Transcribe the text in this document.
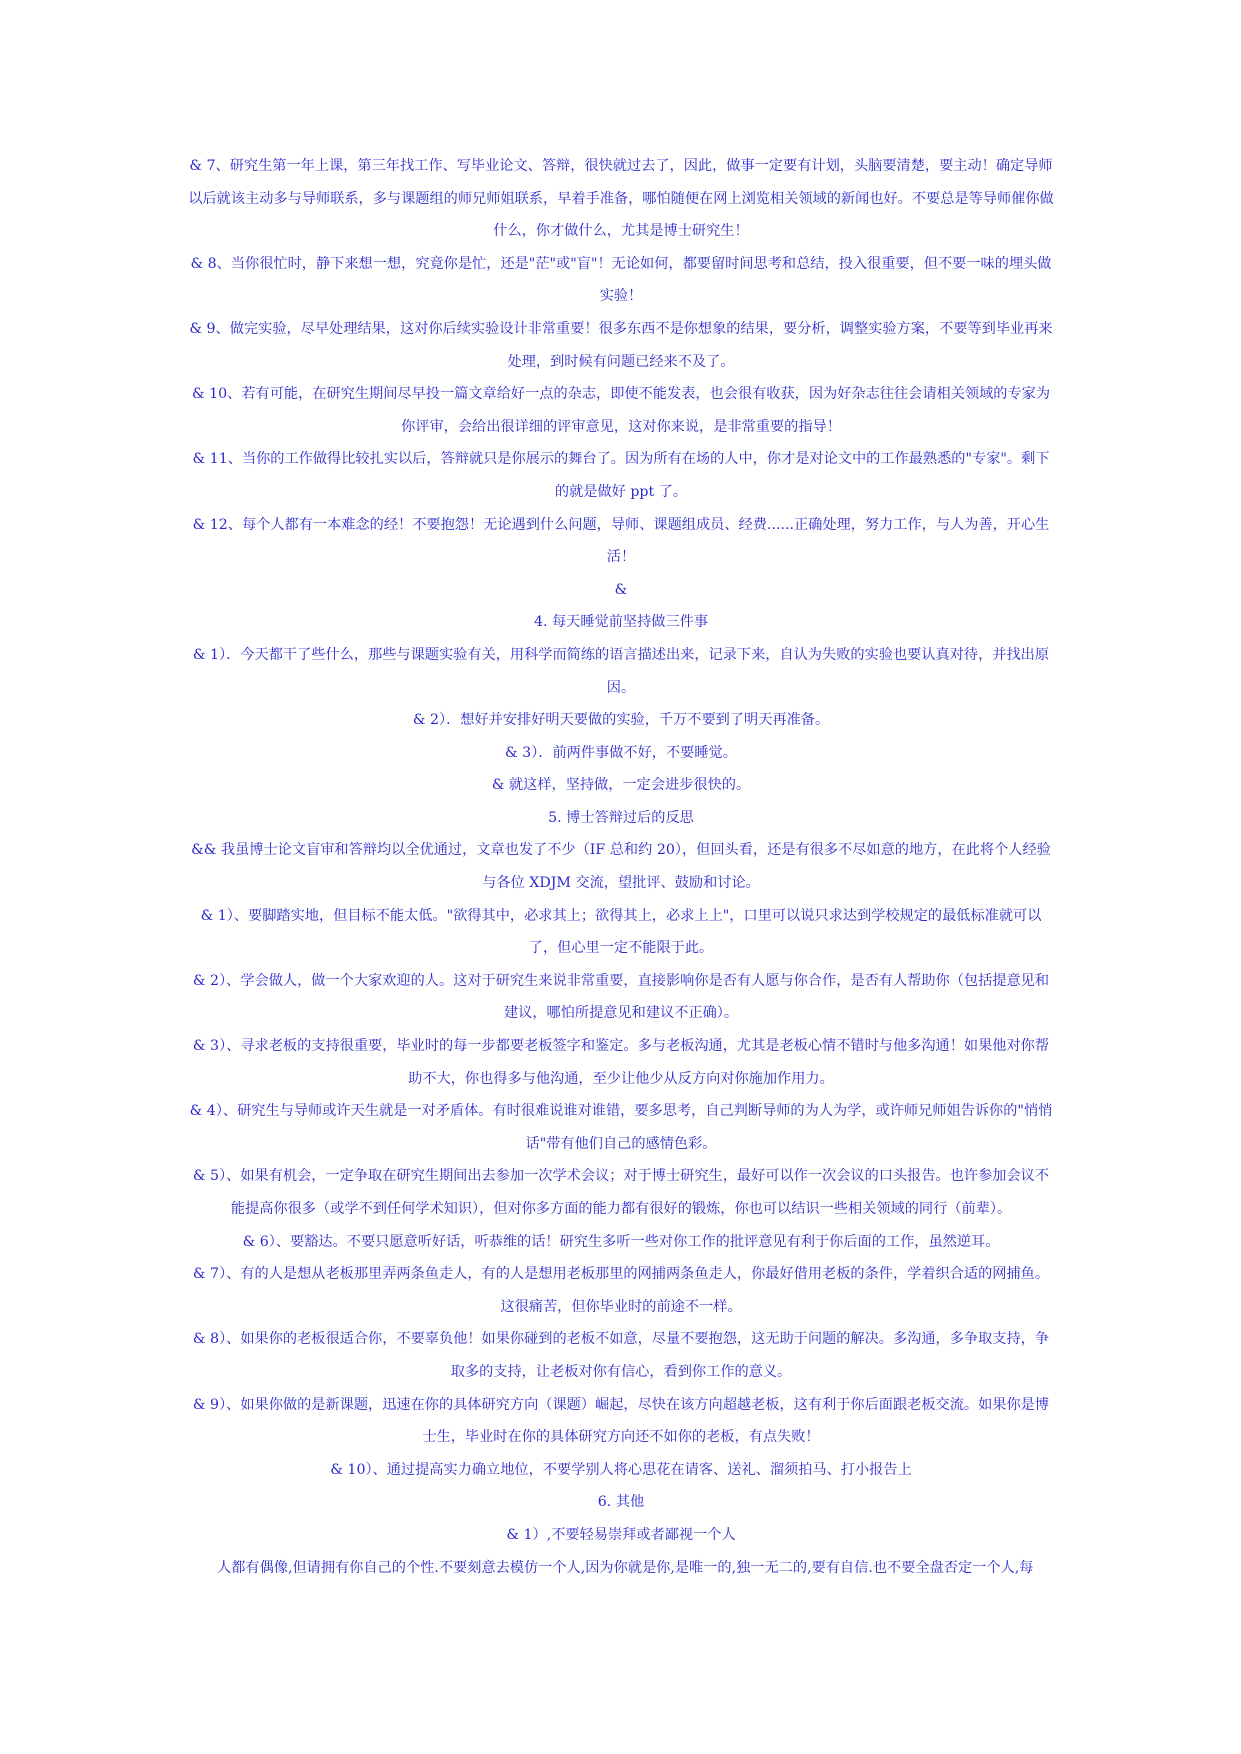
& 7、研究生第一年上课，第三年找工作、写毕业论文、答辩，很快就过去了，因此，做事一定要有计划，头脑要清楚，要主动！确定导师以后就该主动多与导师联系，多与课题组的师兄师姐联系，早着手准备，哪怕随便在网上浏览相关领域的新闻也好。不要总是等导师催你做什么，你才做什么，尤其是博士研究生！

& 8、当你很忙时，静下来想一想，究竟你是忙，还是"茫"或"盲"！无论如何，都要留时间思考和总结，投入很重要，但不要一味的埋头做实验！

& 9、做完实验，尽早处理结果，这对你后续实验设计非常重要！很多东西不是你想象的结果，要分析，调整实验方案，不要等到毕业再来处理，到时候有问题已经来不及了。

& 10、若有可能，在研究生期间尽早投一篇文章给好一点的杂志，即使不能发表，也会很有收获，因为好杂志往往会请相关领域的专家为你评审，会给出很详细的评审意见，这对你来说，是非常重要的指导！

& 11、当你的工作做得比较扎实以后，答辩就只是你展示的舞台了。因为所有在场的人中，你才是对论文中的工作最熟悉的"专家"。剩下的就是做好 ppt 了。

& 12、每个人都有一本难念的经！不要抱怨！无论遇到什么问题，导师、课题组成员、经费......正确处理，努力工作，与人为善，开心生活！

&

4. 每天睡觉前坚持做三件事

& 1）．今天都干了些什么，那些与课题实验有关，用科学而简练的语言描述出来，记录下来，自认为失败的实验也要认真对待，并找出原因。

& 2）．想好并安排好明天要做的实验，千万不要到了明天再准备。

& 3）．前两件事做不好，不要睡觉。

& 就这样，坚持做，一定会进步很快的。

5. 博士答辩过后的反思

&& 我虽博士论文盲审和答辩均以全优通过，文章也发了不少（IF 总和约 20），但回头看，还是有很多不尽如意的地方，在此将个人经验与各位 XDJM 交流，望批评、鼓励和讨论。

& 1）、要脚踏实地，但目标不能太低。"欲得其中，必求其上；欲得其上，必求上上"，口里可以说只求达到学校规定的最低标准就可以了，但心里一定不能限于此。

& 2）、学会做人，做一个大家欢迎的人。这对于研究生来说非常重要，直接影响你是否有人愿与你合作，是否有人帮助你（包括提意见和建议，哪怕所提意见和建议不正确）。

& 3）、寻求老板的支持很重要，毕业时的每一步都要老板签字和鉴定。多与老板沟通，尤其是老板心情不错时与他多沟通！如果他对你帮助不大，你也得多与他沟通，至少让他少从反方向对你施加作用力。

& 4）、研究生与导师或许天生就是一对矛盾体。有时很难说谁对谁错，要多思考，自己判断导师的为人为学，或许师兄师姐告诉你的"悄悄话"带有他们自己的感情色彩。

& 5）、如果有机会，一定争取在研究生期间出去参加一次学术会议；对于博士研究生，最好可以作一次会议的口头报告。也许参加会议不能提高你很多（或学不到任何学术知识），但对你多方面的能力都有很好的锻炼，你也可以结识一些相关领域的同行（前辈）。

& 6）、要豁达。不要只愿意听好话，听恭维的话！研究生多听一些对你工作的批评意见有利于你后面的工作，虽然逆耳。

& 7）、有的人是想从老板那里弄两条鱼走人，有的人是想用老板那里的网捕两条鱼走人，你最好借用老板的条件，学着织合适的网捕鱼。这很痛苦，但你毕业时的前途不一样。

& 8）、如果你的老板很适合你，不要辜负他！如果你碰到的老板不如意，尽量不要抱怨，这无助于问题的解决。多沟通，多争取支持，争取多的支持，让老板对你有信心，看到你工作的意义。

& 9）、如果你做的是新课题，迅速在你的具体研究方向（课题）崛起，尽快在该方向超越老板，这有利于你后面跟老板交流。如果你是博士生，毕业时在你的具体研究方向还不如你的老板，有点失败！

& 10）、通过提高实力确立地位，不要学别人将心思花在请客、送礼、溜须拍马、打小报告上

6. 其他

& 1）,不要轻易崇拜或者鄙视一个人

人都有偶像,但请拥有你自己的个性.不要刻意去模仿一个人,因为你就是你,是唯一的,独一无二的,要有自信.也不要全盘否定一个人,每
